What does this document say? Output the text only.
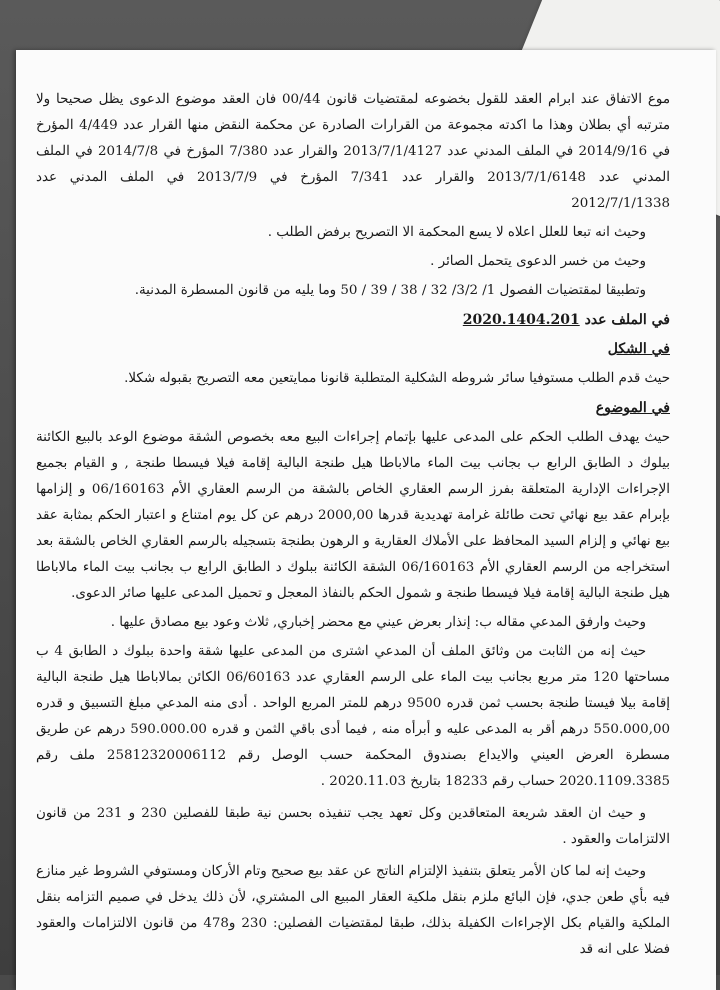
موع الاتفاق عند ابرام العقد للقول بخضوعه لمقتضيات قانون 00/44 فان العقد موضوع الدعوى يظل صحيحا ولا مترتبه أي بطلان وهذا ما اكدته مجموعة من القرارات الصادرة عن محكمة النقض منها القرار عدد 4/449 المؤرخ في 2014/9/16 في الملف المدني عدد 2013/7/1/4127 والقرار عدد 7/380 المؤرخ في 2014/7/8 في الملف المدني عدد 2013/7/1/6148 والقرار عدد 7/341 المؤرخ في 2013/7/9 في الملف المدني عدد 2012/7/1/1338

وحيث انه تبعا للعلل اعلاه لا يسع المحكمة الا التصريح برفض الطلب .

وحيث من خسر الدعوى يتحمل الصائر .

وتطبيقا لمقتضيات الفصول 1/ 3/2/ 32 / 38 / 39 / 50 وما يليه من قانون المسطرة المدنية.

في الملف عدد 2020.1404.201
في الشكل

حيث قدم الطلب مستوفيا سائر شروطه الشكلية المتطلبة قانونا ممايتعين معه التصريح بقبوله شكلا.

في الموضوع

حيث يهدف الطلب الحكم على المدعى عليها بإتمام إجراءات البيع معه بخصوص الشقة موضوع الوعد بالبيع الكائنة بيلوك د الطابق الرابع ب بجانب بيت الماء مالاباطا هيل طنجة البالية إقامة فيلا فيسطا طنجة , و القيام بجميع الإجراءات الإدارية المتعلقة بفرز الرسم العقاري الخاص بالشقة من الرسم العقاري الأم 06/160163 و إلزامها بإبرام عقد بيع نهائي تحت طائلة غرامة تهديدية قدرها 2000,00 درهم عن كل يوم امتناع و اعتبار الحكم بمثابة عقد بيع نهائي و إلزام السيد المحافظ على الأملاك العقارية و الرهون بطنجة بتسجيله بالرسم العقاري الخاص بالشقة بعد استخراجه من الرسم العقاري الأم 06/160163 الشقة الكائنة ببلوك د الطابق الرابع ب بجانب بيت الماء مالاباطا هيل طنجة البالية إقامة فيلا فيسطا طنجة و شمول الحكم بالنفاذ المعجل و تحميل المدعى عليها صائر الدعوى.

وحيث وارفق المدعي مقاله ب: إنذار بعرض عيني مع محضر إخباري, ثلاث وعود بيع مصادق عليها .

حيث إنه من الثابت من وثائق الملف أن المدعي اشترى من المدعى عليها شقة واحدة ببلوك د الطابق 4 ب مساحتها 120 متر مربع بجانب بيت الماء على الرسم العقاري عدد 06/60163 الكائن بمالاباطا هيل طنجة البالية إقامة بيلا فيستا طنجة بحسب ثمن قدره 9500 درهم للمتر المربع الواحد . أدى منه المدعي مبلغ التسبيق و قدره 550.000,00 درهم أقر به المدعى عليه و أبرأه منه , فيما أدى باقي الثمن و قدره 590.000.00 درهم عن طريق مسطرة العرض العيني والايداع بصندوق المحكمة حسب الوصل رقم 25812320006112 ملف رقم 2020.1109.3385 حساب رقم 18233 بتاريخ 2020.11.03 .

و حيث ان العقد شريعة المتعاقدين وكل تعهد يجب تنفيذه بحسن نية طبقا للفصلين 230 و 231 من قانون الالتزامات والعقود .

وحيث إنه لما كان الأمر يتعلق بتنفيذ الإلتزام الناتج عن عقد بيع صحيح وتام الأركان ومستوفي الشروط غير منازع فيه بأي طعن جدي، فإن البائع ملزم بنقل ملكية العقار المبيع الى المشتري، لأن ذلك يدخل في صميم التزامه بنقل الملكية والقيام بكل الإجراءات الكفيلة بذلك، طبقا لمقتضيات الفصلين: 230 و478 من قانون الالتزامات والعقود فضلا على انه قد
